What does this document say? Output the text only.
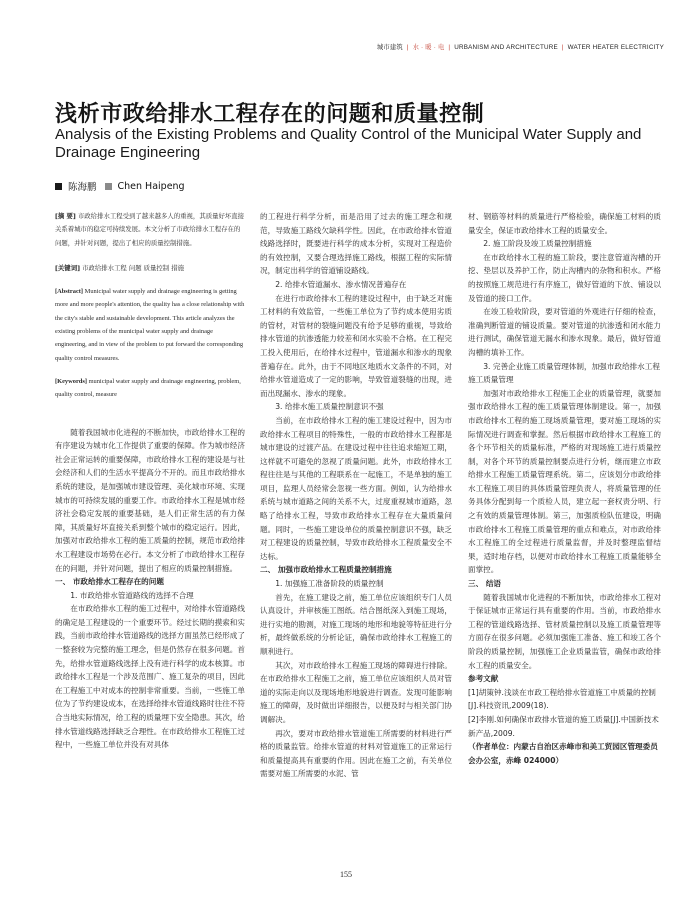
城市建筑 | 水 · 暖 · 电 | URBANISM AND ARCHITECTURE | WATER HEATER ELECTRICITY
浅析市政给排水工程存在的问题和质量控制
Analysis of the Existing Problems and Quality Control of the Municipal Water Supply and Drainage Engineering
陈海鹏 Chen Haipeng
[摘 要] 市政给排水工程受到了越来越多人的重视，其质量好坏直接关系着城市的稳定可持续发展。本文分析了市政给排水工程存在的问题，并针对问题，提出了相应的质量控制措施。
[关键词] 市政给排水工程 问题 质量控制 措施
[Abstract] Municipal water supply and drainage engineering is getting more and more people's attention, the quality has a close relationship with the city's stable and sustainable development. This article analyzes the existing problems of the municipal water supply and drainage engineering, and in view of the problem to put forward the corresponding quality control measures.
[Keywords] municipal water supply and drainage engineering, problem, quality control, measure

随着我国城市化进程的不断加快，市政给排水工程的有序建设为城市化工作提供了重要的保障。作为城市经济社会正常运转的重要保障，市政给排水工程的建设是与社会经济和人们的生活水平提高分不开的。而且市政给排水系统的建设，是加强城市建设管理、美化城市环境、实现城市的可持续发展的重要工作。市政给排水工程是城市经济社会稳定发展的重要基础，是人们正常生活的有力保障，其质量好坏直接关系到整个城市的稳定运行。因此，加强对市政给排水工程的施工质量的控制，规范市政给排水工程建设市场势在必行。本文分析了市政给排水工程存在的问题，并针对问题，提出了相应的质量控制措施。

一、 市政给排水工程存在的问题

1. 市政给排水管道路线的选择不合理

在市政给排水工程的施工过程中，对给排水管道路线的确定是工程建设的一个重要环节。经过长期的摸索和实践，当前市政给排水管道路线的选择方面虽然已经形成了一整套较为完整的施工理念，但是仍然存在很多问题。首先，给排水管道路线选择上没有进行科学的成本核算。市政给排水工程是一个涉及范围广、施工复杂的项目，因此在工程施工中对成本的控制非常重要。当前，一些施工单位为了节约建设成本，在选择给排水管道线路时往往不符合当地实际情况，给工程的质量埋下安全隐患。其次，给排水管道线路选择缺乏合理性。在市政给排水工程施工过程中，一些施工单位并没有对具体

的工程进行科学分析，而是沿用了过去的施工理念和规范，导致施工路线欠缺科学性。因此，在市政给排水管道线路选择时，既要进行科学的成本分析，实现对工程造价的有效控制，又要合理选择施工路线，根据工程的实际情况，制定出科学的管道铺设路线。

2. 给排水管道漏水、渗水情况普遍存在

在进行市政给排水工程的建设过程中，由于缺乏对施工材料的有效监管，一些施工单位为了节约成本使用劣质的管材，对管材的裂缝问题没有给予足够的重视，导致给排水管道的抗渗透能力较差和闭水实验不合格。在工程完工投入使用后，在给排水过程中，管道漏水和渗水的现象普遍存在。此外，由于不同地区地质水文条件的不同，对给排水管道造成了一定的影响，导致管道裂缝的出现，进而出现漏水、渗水的现象。

3. 给排水施工质量控制意识不强

当前，在市政给排水工程的施工建设过程中，因为市政给排水工程项目的特殊性，一般的市政给排水工程都是城市建设的过渡产品。在建设过程中往往追求缩短工期，这样就不可避免的忽视了质量问题。此外，市政给排水工程往往是与其他的工程联系在一起施工，不是单独的施工项目，监理人员经常会忽视一些方面。例如，认为给排水系统与城市道路之间的关系不大，过度重视城市道路，忽略了给排水工程，导致市政给排水工程存在大量质量问题。同时，一些施工建设单位的质量控制意识不强，缺乏对工程建设的质量控制，导致市政给排水工程质量安全不达标。

二、 加强市政给排水工程质量控制措施

1. 加强施工准备阶段的质量控制

首先，在施工建设之前，施工单位应该组织专门人员认真设计，并审核施工图纸。结合图纸深入到施工现场，进行实地的勘测，对施工现场的地形和地貌等特征进行分析，最终做系统的分析论证，确保市政给排水工程施工的顺利进行。

其次，对市政给排水工程施工现场的障碍进行排除。在市政给排水工程施工之前，施工单位应该组织人员对管道的实际走向以及现场地形地貌进行调查。发现可能影响施工的障碍，及时做出详细报告，以便及时与相关部门协调解决。

再次，要对市政给排水管道施工所需要的材料进行严格的质量监管。给排水管道的材料对管道施工的正常运行和质量提高具有重要的作用。因此在施工之前，有关单位需要对施工所需要的水泥、管

材、钢筋等材料的质量进行严格检验，确保施工材料的质量安全，保证市政给排水工程的质量安全。

2. 施工阶段及竣工质量控制措施

在市政给排水工程的施工阶段，要注意管道沟槽的开挖、垫层以及养护工作，防止沟槽内的杂物和积水。严格的按照施工规范进行有序施工，做好管道的下放、铺设以及管道的接口工作。

在竣工验收阶段，要对管道的外观进行仔细的检查，准确判断管道的铺设质量。要对管道的抗渗透和闭水能力进行测试，确保管道无漏水和渗水现象。最后，做好管道沟槽的填补工作。

3. 完善企业施工质量管理体制，加强市政给排水工程施工质量管理

加强对市政给排水工程施工企业的质量管理，就要加强市政给排水工程的施工质量管理体制建设。第一，加强市政给排水工程的施工现场质量管理，要对施工现场的实际情况进行调查和掌握。然后根据市政给排水工程施工的各个环节相关的质量标准，严格的对现场施工进行质量控制，对各个环节的质量控制要点进行分析，继而建立市政给排水工程施工质量管理系统。第二，应该划分市政给排水工程施工项目的具体质量管理负责人，将质量管理的任务具体分配到每一个质检人员，建立起一套权责分明、行之有效的质量管理体制。第三，加强质检队伍建设，明确市政给排水工程施工质量管理的重点和难点，对市政给排水工程施工的全过程进行质量监督，并及时整理监督结果，适时地存档，以便对市政给排水工程施工质量能够全面掌控。

三、 结语

随着我国城市化进程的不断加快，市政给排水工程对于保证城市正常运行具有重要的作用。当前，市政给排水工程的管道线路选择、管材质量控制以及施工质量管理等方面存在很多问题。必须加强施工准备、施工和竣工各个阶段的质量控制，加强施工企业质量监管，确保市政给排水工程的质量安全。

参考文献

[1]胡策钟.浅谈在市政工程给排水管道施工中质量的控制[J].科技资讯,2009(18).

[2]李刚.如何确保市政排水管道的施工质量[J].中国新技术新产品,2009.

（作者单位：内蒙古自治区赤峰市和美工贸园区管理委员会办公室，赤峰 024000）

155
